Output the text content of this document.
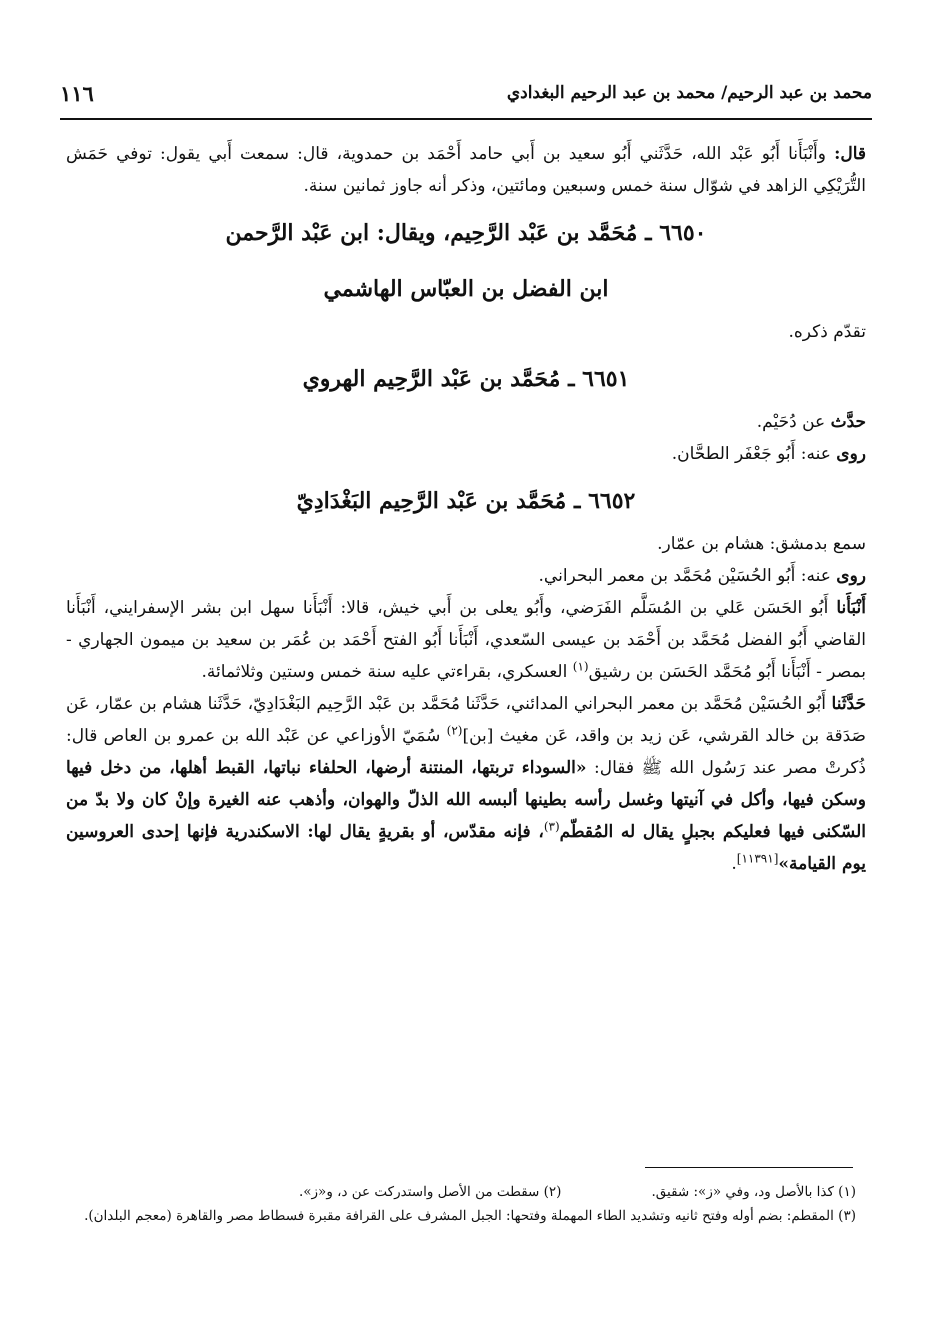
١١٦	محمد بن عبد الرحيم/ محمد بن عبد الرحيم البغدادي

قال: وأَنْبَأَنا أَبُو عَبْد الله، حَدَّثَني أَبُو سعيد بن أَبي حامد أَحْمَد بن حمدوية، قال: سمعت أَبي يقول: توفي حَمَش التُّرَيْكِي الزاهد في شوّال سنة خمس وسبعين ومائتين، وذكر أنه جاوز ثمانين سنة.

٦٦٥٠ ـ مُحَمَّد بن عَبْد الرَّحِيم، ويقال: ابن عَبْد الرَّحمن
ابن الفضل بن العبّاس الهاشمي

تقدّم ذكره.

٦٦٥١ ـ مُحَمَّد بن عَبْد الرَّحِيم الهروي

حدَّث عن دُحَيْم.

روى عنه: أَبُو جَعْفَر الطحَّان.

٦٦٥٢ ـ مُحَمَّد بن عَبْد الرَّحِيم البَغْدَادِيّ

سمع بدمشق: هشام بن عمّار.

روى عنه: أَبُو الحُسَيْن مُحَمَّد بن معمر البحراني.

أَنْبَأَنا أَبُو الحَسَن عَلي بن المُسَلَّم الفَرَضي، وأَبُو يعلى بن أَبي خيش، قالا: أَنْبَأَنا سهل ابن بشر الإسفرايني، أَنْبَأَنا القاضي أَبُو الفضل مُحَمَّد بن أَحْمَد بن عيسى السّعدي، أَنْبَأَنا أَبُو الفتح أَحْمَد بن عُمَر بن سعيد بن ميمون الجهاري - بمصر - أَنْبَأَنا أَبُو مُحَمَّد الحَسَن بن رشيق$^{(١)}$ العسكري، بقراءتي عليه سنة خمس وستين وثلاثمائة.

حَدَّثَنا أَبُو الحُسَيْن مُحَمَّد بن معمر البحراني المدائني، حَدَّثَنا مُحَمَّد بن عَبْد الرَّحِيم البَغْدَادِيّ، حَدَّثَنا هشام بن عمّار، عَن صَدَقة بن خالد القرشي، عَن زيد بن واقد، عَن مغيث [بن]$^{(٢)}$ سُمَيّ الأوزاعي عن عَبْد الله بن عمرو بن العاص قال: ذُكرتْ مصر عند رَسُول الله ﷺ فقال: «السوداء تربتها، المنتنة أرضها، الحلفاء نباتها، القبط أهلها، من دخل فيها وسكن فيها، وأكل في آنيتها وغسل رأسه بطينها ألبسه الله الذلّ والهوان، وأذهب عنه الغيرة وإنْ كان ولا بدّ من السّكنى فيها فعليكم بجبلٍ يقال له المُقطّم$^{(٣)}$، فإنه مقدّس، أو بقريةٍ يقال لها: الاسكندرية فإنها إحدى العروسين يوم القيامة»[١١٣٩١].

(١) كذا بالأصل ود، وفي «ز»: شقيق.

(٢) سقطت من الأصل واستدركت عن د، و«ز».

(٣) المقطم: بضم أوله وفتح ثانيه وتشديد الطاء المهملة وفتحها: الجبل المشرف على القرافة مقبرة فسطاط مصر والقاهرة (معجم البلدان).
